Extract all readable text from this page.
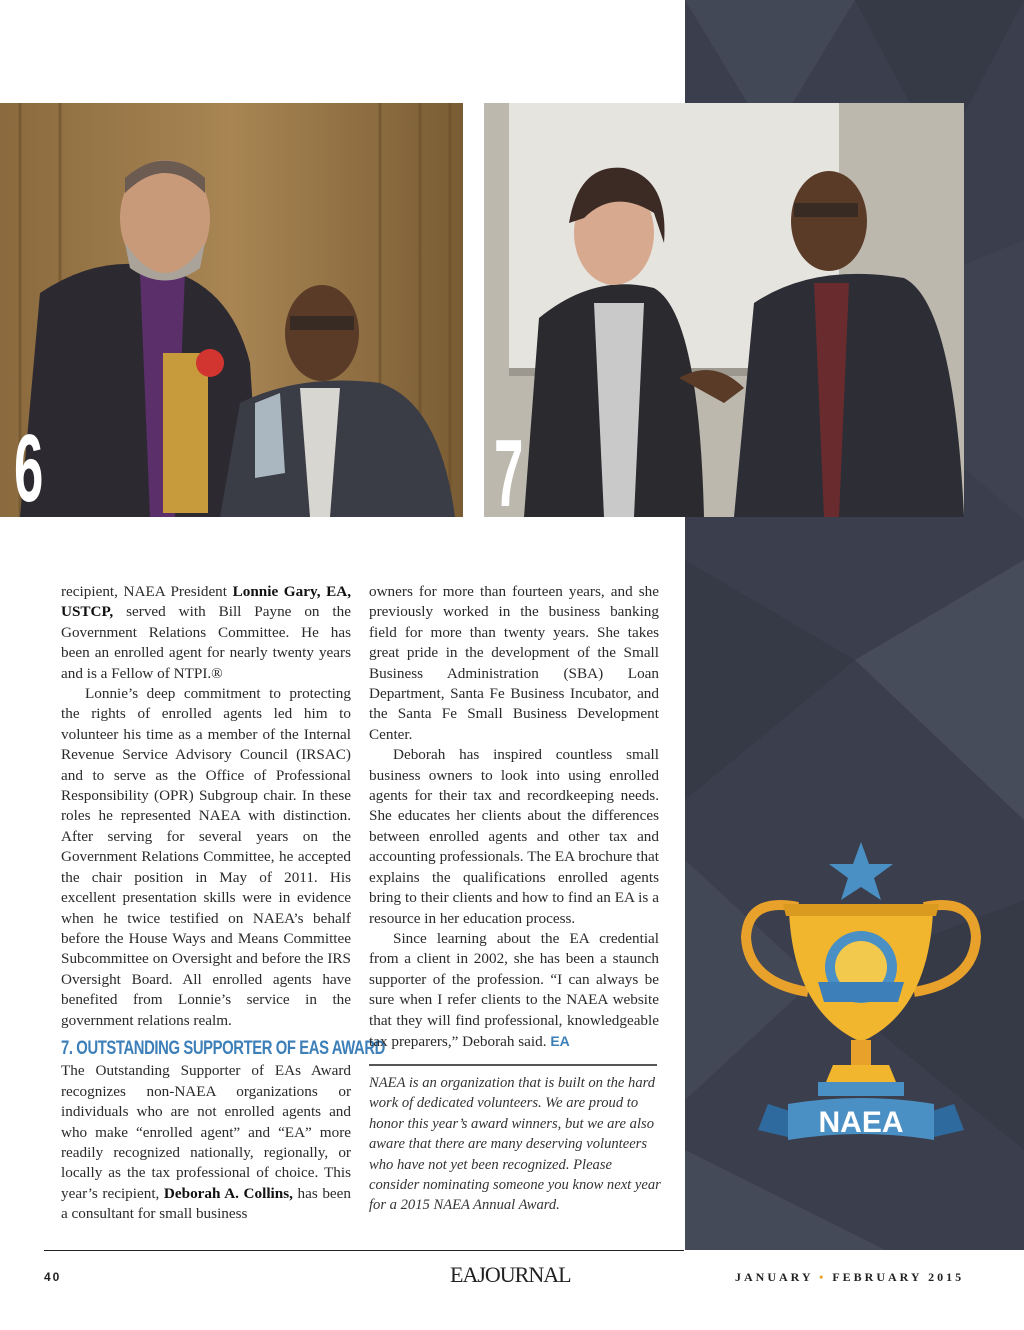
6	7

recipient, NAEA President Lonnie Gary, EA, USTCP, served with Bill Payne on the Government Relations Committee. He has been an enrolled agent for nearly twenty years and is a Fellow of NTPI.®

Lonnie’s deep commitment to protecting the rights of enrolled agents led him to volunteer his time as a member of the Internal Revenue Service Advisory Council (IRSAC) and to serve as the Office of Professional Responsibility (OPR) Subgroup chair. In these roles he represented NAEA with distinction. After serving for several years on the Government Relations Committee, he accepted the chair position in May of 2011. His excellent presentation skills were in evidence when he twice testified on NAEA’s behalf before the House Ways and Means Committee Subcommittee on Oversight and before the IRS Oversight Board. All enrolled agents have benefited from Lonnie’s service in the government relations realm.

7. OUTSTANDING SUPPORTER OF EAS AWARD

The Outstanding Supporter of EAs Award recognizes non-NAEA organizations or individuals who are not enrolled agents and who make “enrolled agent” and “EA” more readily recognized nationally, regionally, or locally as the tax professional of choice. This year’s recipient, Deborah A. Collins, has been a consultant for small business

owners for more than fourteen years, and she previously worked in the business banking field for more than twenty years. She takes great pride in the development of the Small Business Administration (SBA) Loan Department, Santa Fe Business Incubator, and the Santa Fe Small Business Development Center.

Deborah has inspired countless small business owners to look into using enrolled agents for their tax and recordkeeping needs. She educates her clients about the differences between enrolled agents and other tax and accounting professionals. The EA brochure that explains the qualifications enrolled agents bring to their clients and how to find an EA is a resource in her education process.

Since learning about the EA credential from a client in 2002, she has been a staunch supporter of the profession. “I can always be sure when I refer clients to the NAEA website that they will find professional, knowledgeable tax preparers,” Deborah said. EA

NAEA is an organization that is built on the hard work of dedicated volunteers. We are proud to honor this year’s award winners, but we are also aware that there are many deserving volunteers who have not yet been recognized. Please consider nominating someone you know next year for a 2015 NAEA Annual Award.
NAEA
40	EAJOURNAL	JANUARY • FEBRUARY 2015
